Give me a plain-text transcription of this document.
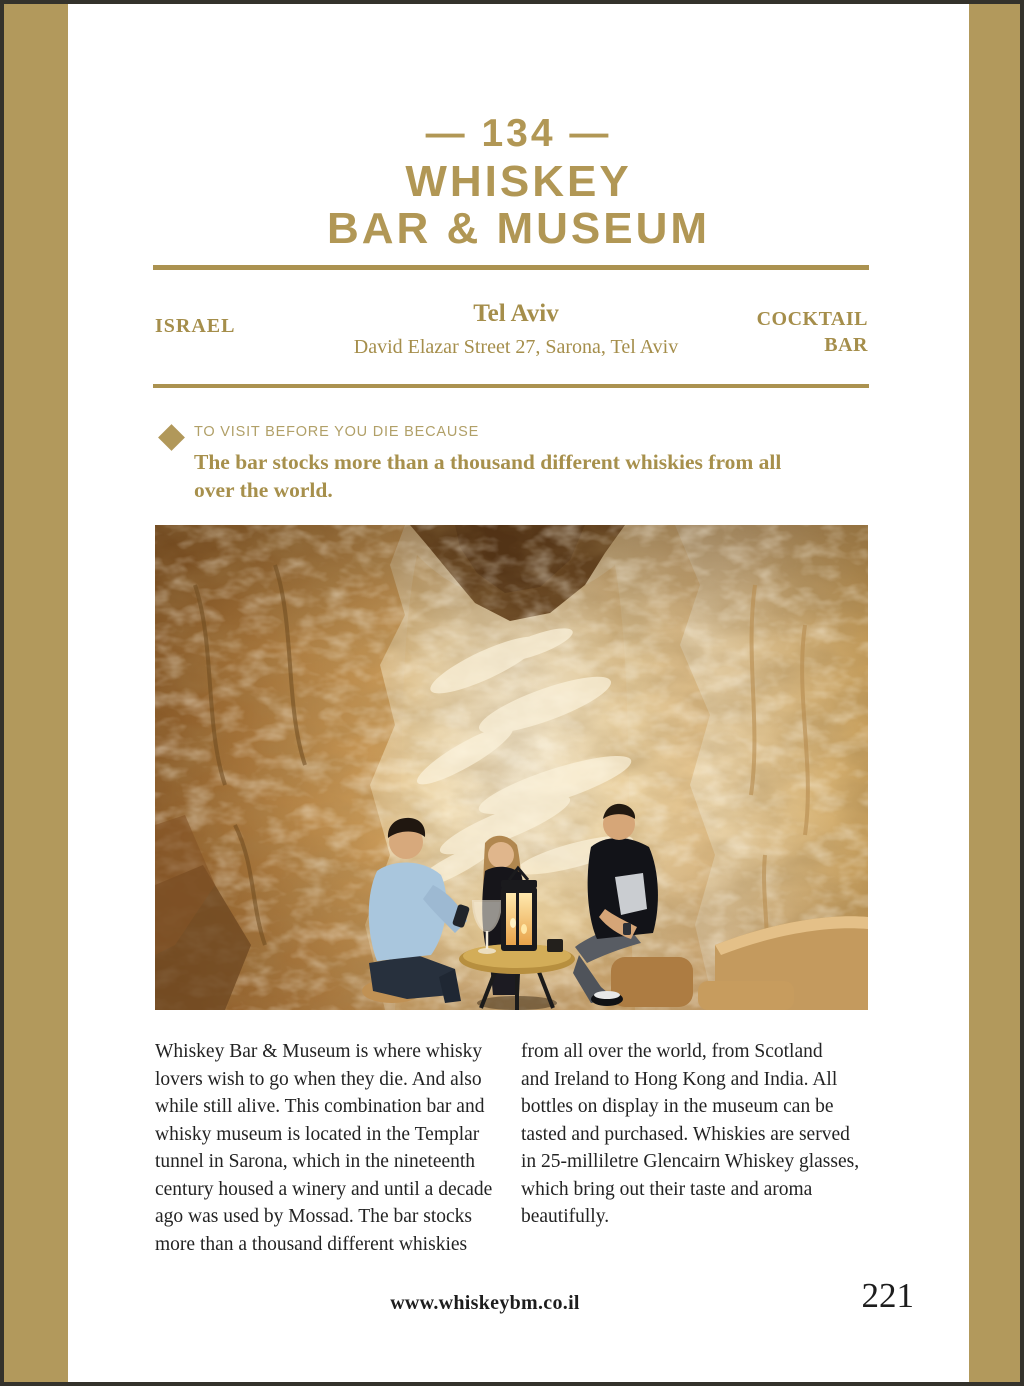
— 134 —
WHISKEY
BAR & MUSEUM
ISRAEL	Tel Aviv
David Elazar Street 27, Sarona, Tel Aviv
COCKTAIL
BAR
TO VISIT BEFORE YOU DIE BECAUSE
The bar stocks more than a thousand different whiskies from all
over the world.
Whiskey Bar & Museum is where whisky
lovers wish to go when they die. And also
while still alive. This combination bar and
whisky museum is located in the Templar
tunnel in Sarona, which in the nineteenth
century housed a winery and until a decade
ago was used by Mossad. The bar stocks
more than a thousand different whiskies
from all over the world, from Scotland
and Ireland to Hong Kong and India. All
bottles on display in the museum can be
tasted and purchased. Whiskies are served
in 25-milliletre Glencairn Whiskey glasses,
which bring out their taste and aroma
beautifully.
www.whiskeybm.co.il	221
